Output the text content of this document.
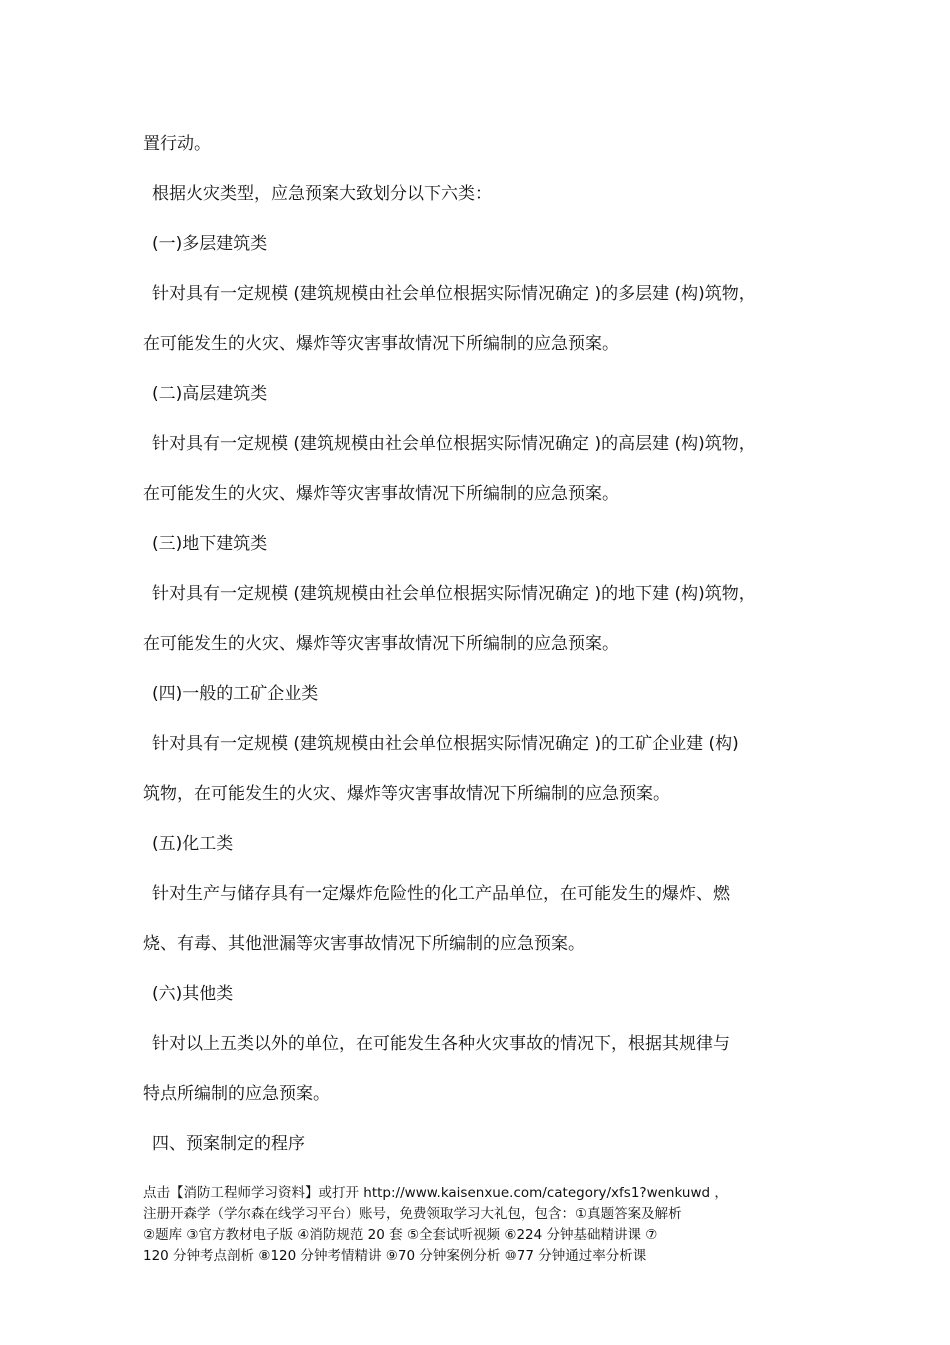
置行动。
根据火灾类型，应急预案大致划分以下六类：
(一)多层建筑类
针对具有一定规模 (建筑规模由社会单位根据实际情况确定 )的多层建 (构)筑物，
在可能发生的火灾、爆炸等灾害事故情况下所编制的应急预案。
(二)高层建筑类
针对具有一定规模 (建筑规模由社会单位根据实际情况确定 )的高层建 (构)筑物，
在可能发生的火灾、爆炸等灾害事故情况下所编制的应急预案。
(三)地下建筑类
针对具有一定规模 (建筑规模由社会单位根据实际情况确定 )的地下建 (构)筑物，
在可能发生的火灾、爆炸等灾害事故情况下所编制的应急预案。
(四)一般的工矿企业类
针对具有一定规模 (建筑规模由社会单位根据实际情况确定 )的工矿企业建 (构)
筑物，在可能发生的火灾、爆炸等灾害事故情况下所编制的应急预案。
(五)化工类
针对生产与储存具有一定爆炸危险性的化工产品单位，在可能发生的爆炸、燃
烧、有毒、其他泄漏等灾害事故情况下所编制的应急预案。
(六)其他类
针对以上五类以外的单位，在可能发生各种火灾事故的情况下，根据其规律与
特点所编制的应急预案。
四、预案制定的程序
点击【消防工程师学习资料】或打开 http://www.kaisenxue.com/category/xfs1?wenkuwd ，
注册开森学（学尔森在线学习平台）账号，免费领取学习大礼包，包含：①真题答案及解析
②题库 ③官方教材电子版 ④消防规范 20 套 ⑤全套试听视频 ⑥224 分钟基础精讲课 ⑦
120 分钟考点剖析 ⑧120 分钟考情精讲 ⑨70 分钟案例分析 ⑩77 分钟通过率分析课
